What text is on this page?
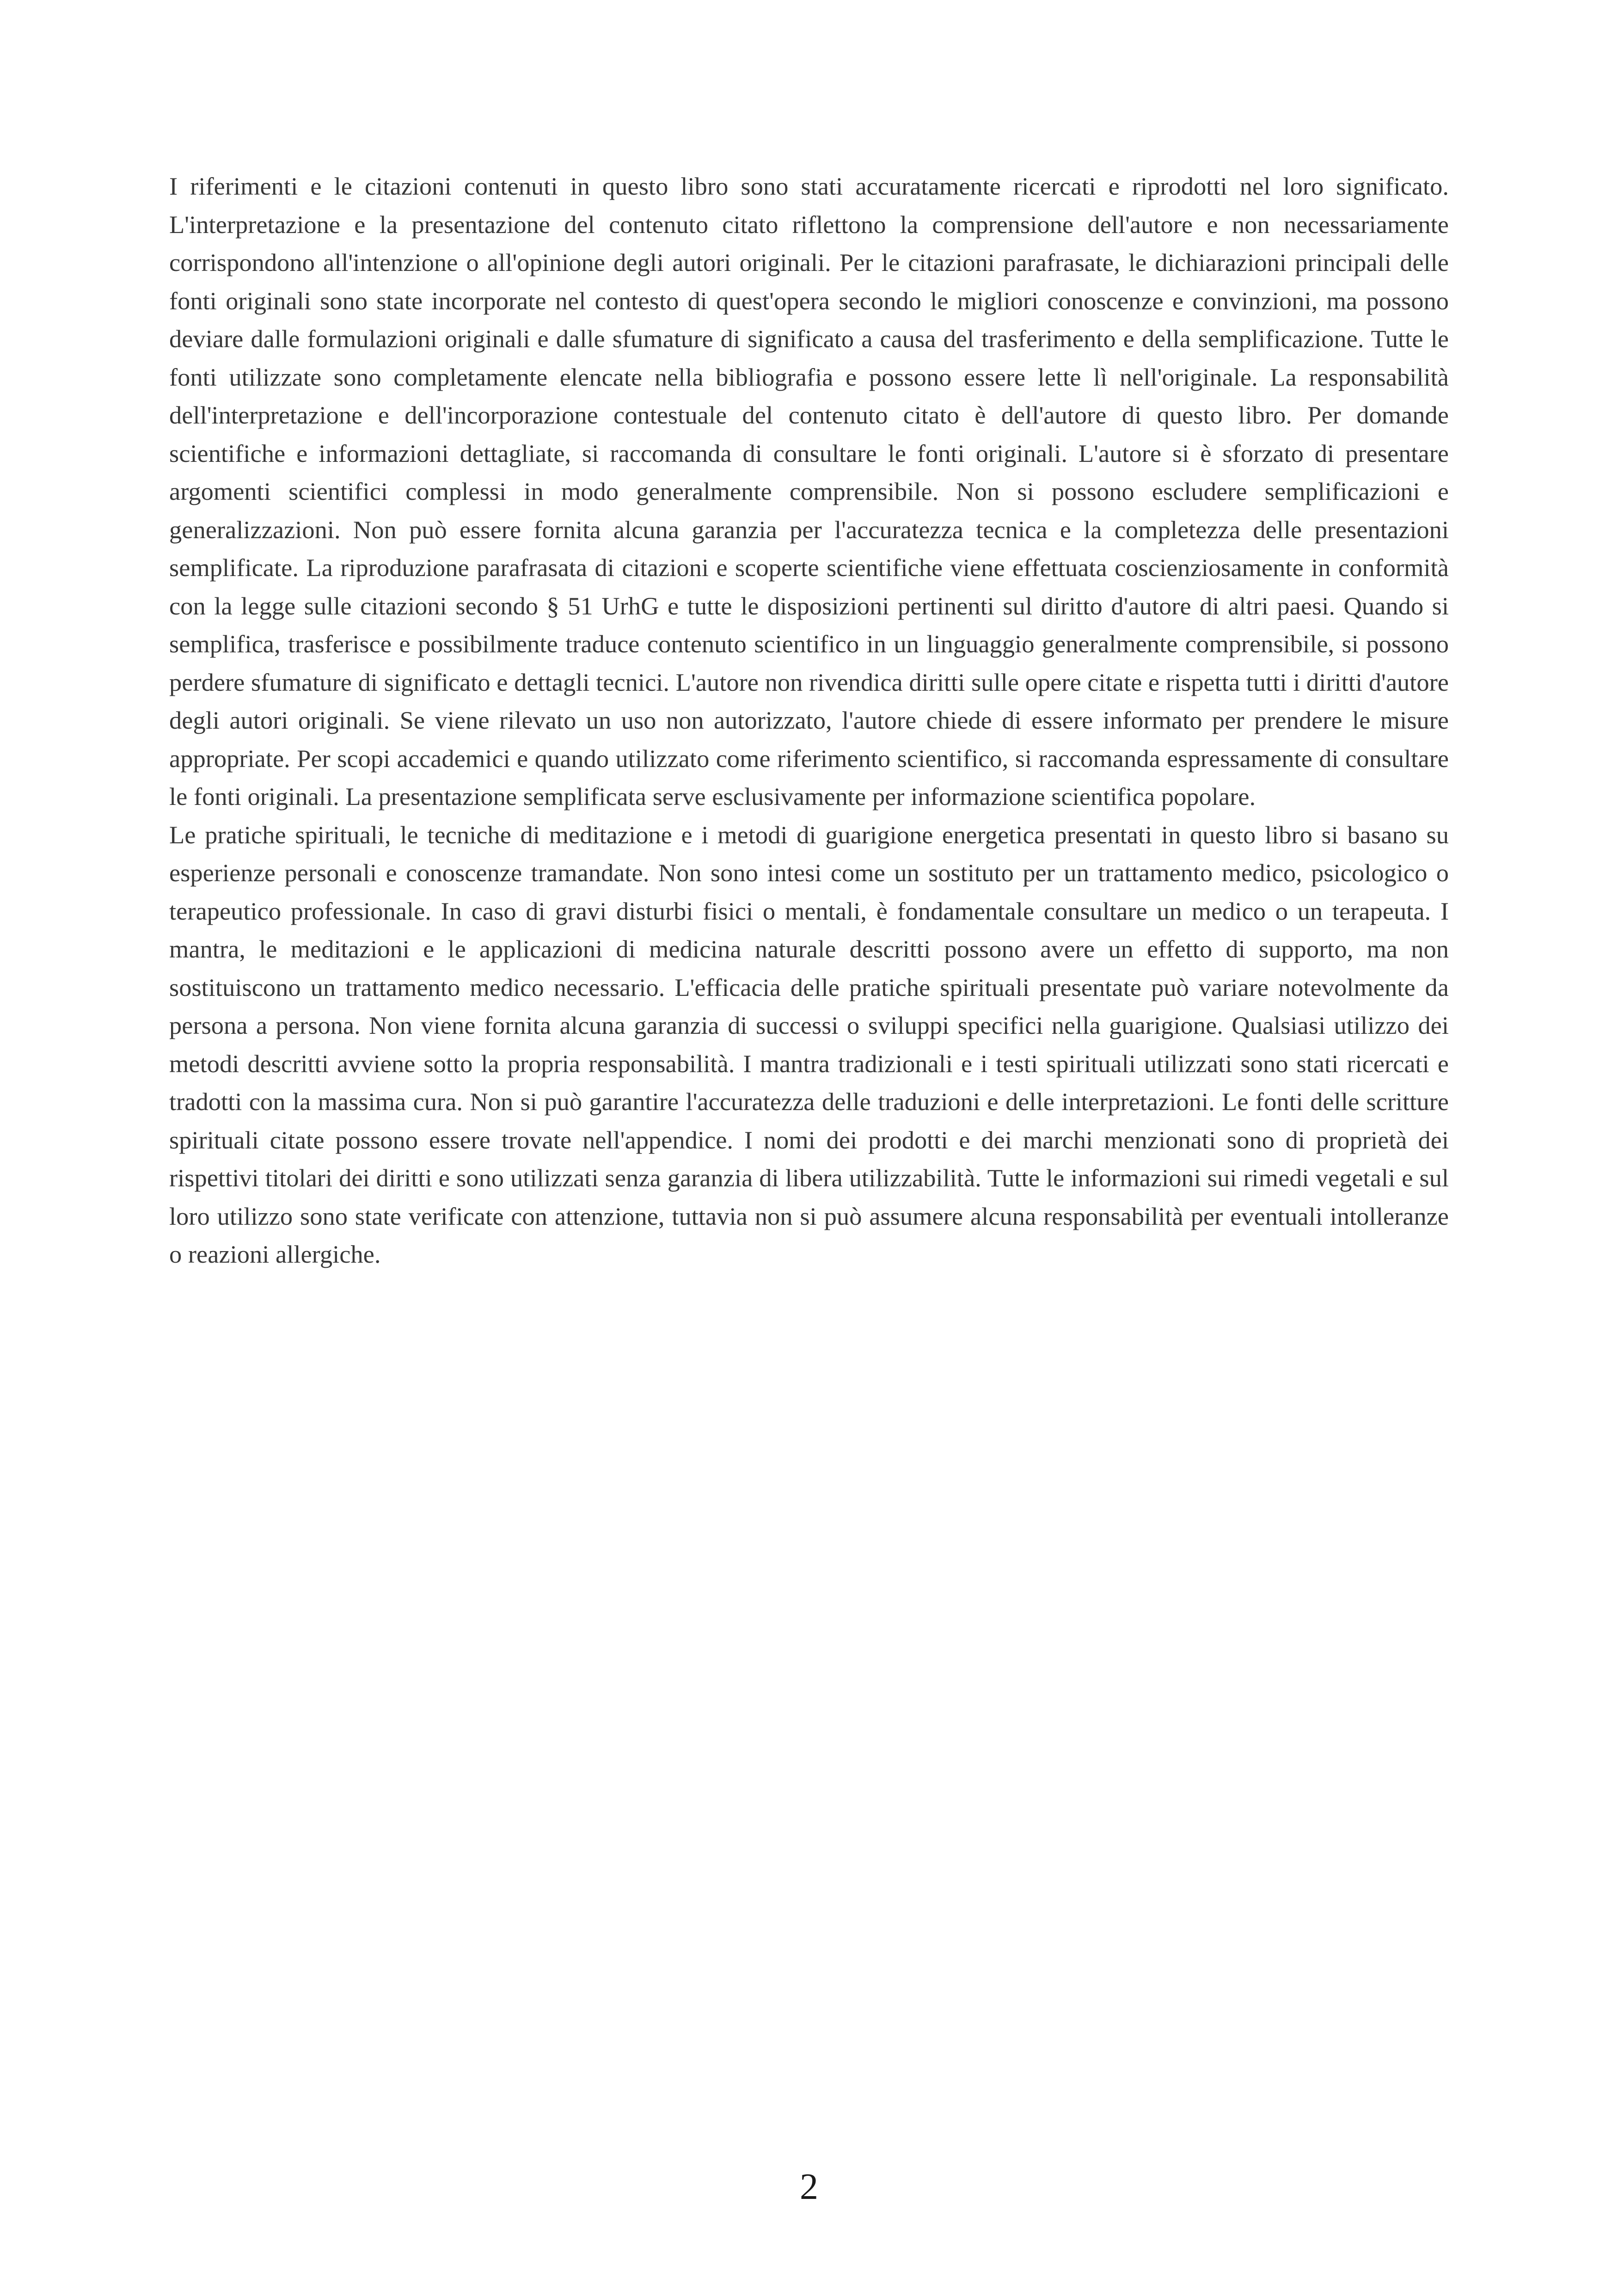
I riferimenti e le citazioni contenuti in questo libro sono stati accuratamente ricercati e riprodotti nel loro significato. L'interpretazione e la presentazione del contenuto citato riflettono la comprensione dell'autore e non necessariamente corrispondono all'intenzione o all'opinione degli autori originali. Per le citazioni parafrasate, le dichiarazioni principali delle fonti originali sono state incorporate nel contesto di quest'opera secondo le migliori conoscenze e convinzioni, ma possono deviare dalle formulazioni originali e dalle sfumature di significato a causa del trasferimento e della semplificazione. Tutte le fonti utilizzate sono completamente elencate nella bibliografia e possono essere lette lì nell'originale. La responsabilità dell'interpretazione e dell'incorporazione contestuale del contenuto citato è dell'autore di questo libro. Per domande scientifiche e informazioni dettagliate, si raccomanda di consultare le fonti originali. L'autore si è sforzato di presentare argomenti scientifici complessi in modo generalmente comprensibile. Non si possono escludere semplificazioni e generalizzazioni. Non può essere fornita alcuna garanzia per l'accuratezza tecnica e la completezza delle presentazioni semplificate. La riproduzione parafrasata di citazioni e scoperte scientifiche viene effettuata coscienziosamente in conformità con la legge sulle citazioni secondo § 51 UrhG e tutte le disposizioni pertinenti sul diritto d'autore di altri paesi. Quando si semplifica, trasferisce e possibilmente traduce contenuto scientifico in un linguaggio generalmente comprensibile, si possono perdere sfumature di significato e dettagli tecnici. L'autore non rivendica diritti sulle opere citate e rispetta tutti i diritti d'autore degli autori originali. Se viene rilevato un uso non autorizzato, l'autore chiede di essere informato per prendere le misure appropriate. Per scopi accademici e quando utilizzato come riferimento scientifico, si raccomanda espressamente di consultare le fonti originali. La presentazione semplificata serve esclusivamente per informazione scientifica popolare.

Le pratiche spirituali, le tecniche di meditazione e i metodi di guarigione energetica presentati in questo libro si basano su esperienze personali e conoscenze tramandate. Non sono intesi come un sostituto per un trattamento medico, psicologico o terapeutico professionale. In caso di gravi disturbi fisici o mentali, è fondamentale consultare un medico o un terapeuta. I mantra, le meditazioni e le applicazioni di medicina naturale descritti possono avere un effetto di supporto, ma non sostituiscono un trattamento medico necessario. L'efficacia delle pratiche spirituali presentate può variare notevolmente da persona a persona. Non viene fornita alcuna garanzia di successi o sviluppi specifici nella guarigione. Qualsiasi utilizzo dei metodi descritti avviene sotto la propria responsabilità. I mantra tradizionali e i testi spirituali utilizzati sono stati ricercati e tradotti con la massima cura. Non si può garantire l'accuratezza delle traduzioni e delle interpretazioni. Le fonti delle scritture spirituali citate possono essere trovate nell'appendice. I nomi dei prodotti e dei marchi menzionati sono di proprietà dei rispettivi titolari dei diritti e sono utilizzati senza garanzia di libera utilizzabilità. Tutte le informazioni sui rimedi vegetali e sul loro utilizzo sono state verificate con attenzione, tuttavia non si può assumere alcuna responsabilità per eventuali intolleranze o reazioni allergiche.

2
